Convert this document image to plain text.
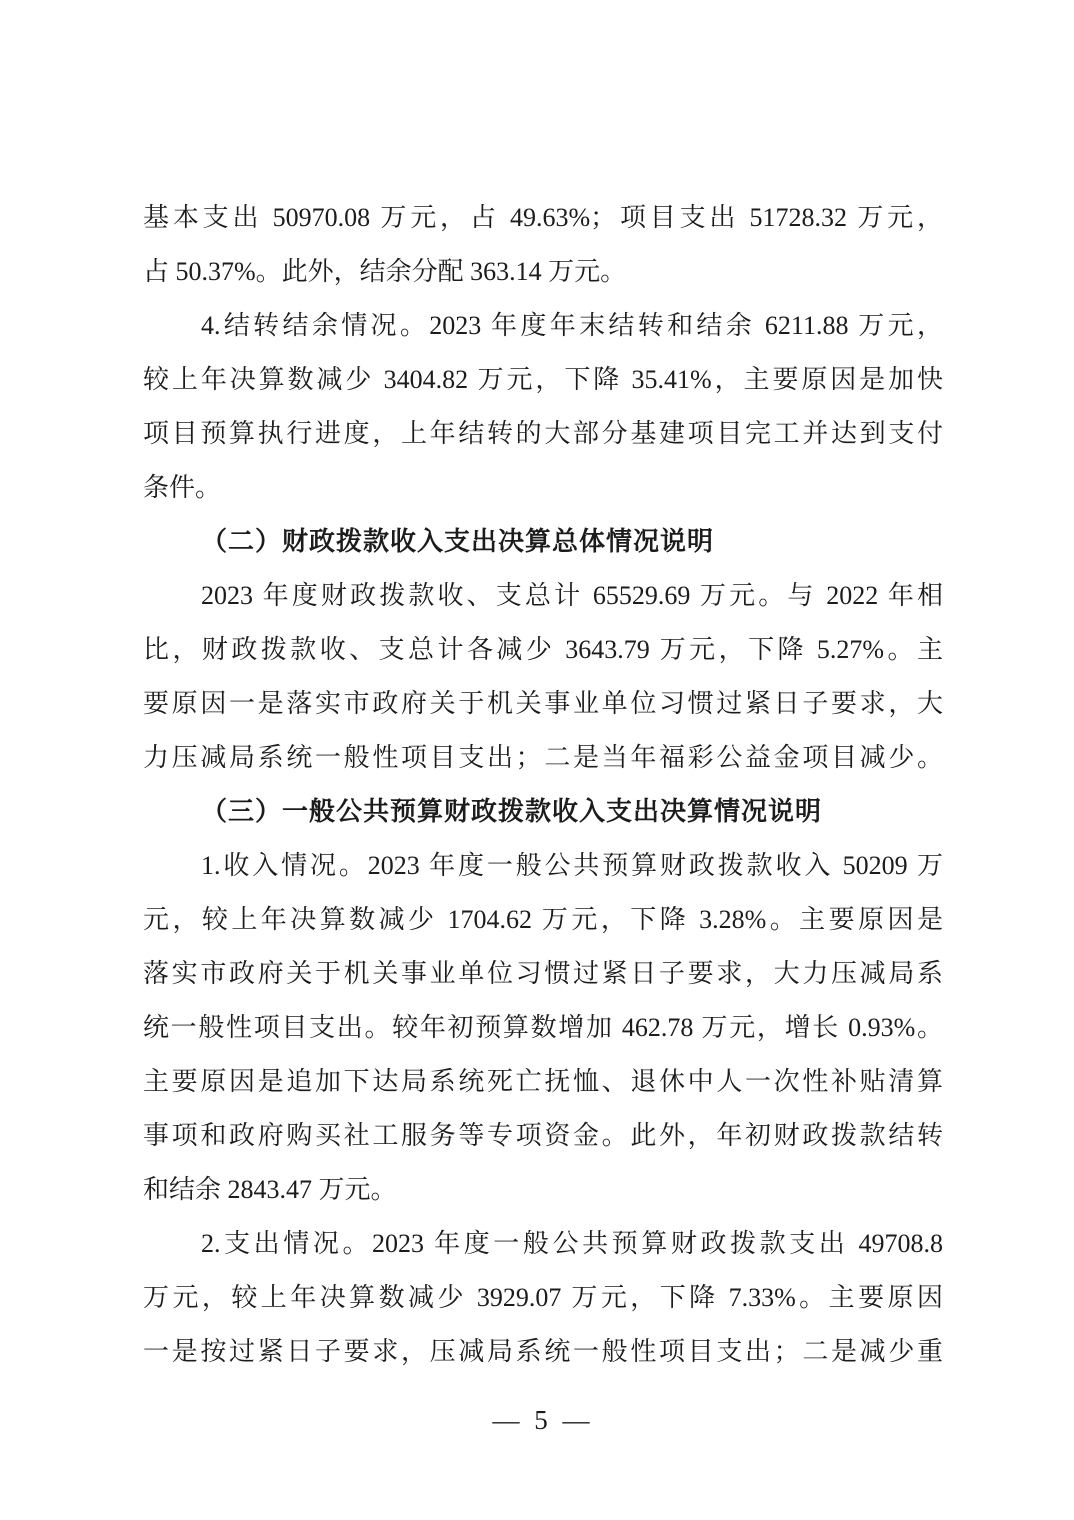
基本支出 50970.08 万元，占 49.63%；项目支出 51728.32 万元，
占 50.37%。此外，结余分配 363.14 万元。
4.结转结余情况。2023 年度年末结转和结余 6211.88 万元，
较上年决算数减少 3404.82 万元，下降 35.41%，主要原因是加快
项目预算执行进度，上年结转的大部分基建项目完工并达到支付
条件。
（二）财政拨款收入支出决算总体情况说明
2023 年度财政拨款收、支总计 65529.69 万元。与 2022 年相
比，财政拨款收、支总计各减少 3643.79 万元，下降 5.27%。主
要原因一是落实市政府关于机关事业单位习惯过紧日子要求，大
力压减局系统一般性项目支出；二是当年福彩公益金项目减少。
（三）一般公共预算财政拨款收入支出决算情况说明
1.收入情况。2023 年度一般公共预算财政拨款收入 50209 万
元，较上年决算数减少 1704.62 万元，下降 3.28%。主要原因是
落实市政府关于机关事业单位习惯过紧日子要求，大力压减局系
统一般性项目支出。较年初预算数增加 462.78 万元，增长 0.93%。
主要原因是追加下达局系统死亡抚恤、退休中人一次性补贴清算
事项和政府购买社工服务等专项资金。此外，年初财政拨款结转
和结余 2843.47 万元。
2.支出情况。2023 年度一般公共预算财政拨款支出 49708.8
万元，较上年决算数减少 3929.07 万元，下降 7.33%。主要原因
一是按过紧日子要求，压减局系统一般性项目支出；二是减少重
— 5 —
